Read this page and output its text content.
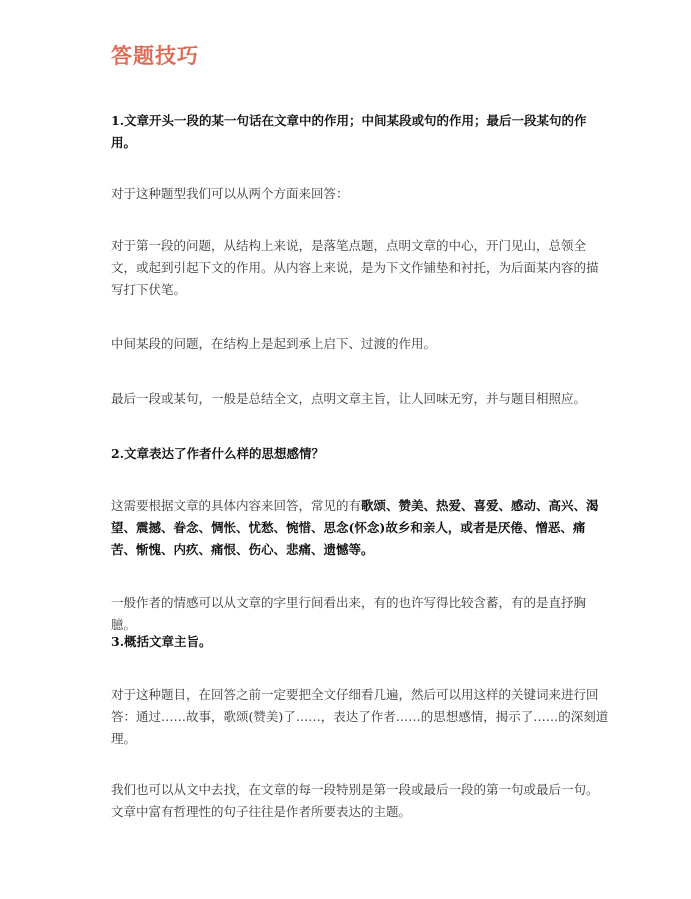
答题技巧

1.文章开头一段的某一句话在文章中的作用；中间某段或句的作用；最后一段某句的作用。

对于这种题型我们可以从两个方面来回答：

对于第一段的问题，从结构上来说，是落笔点题，点明文章的中心，开门见山，总领全文，或起到引起下文的作用。从内容上来说，是为下文作铺垫和衬托，为后面某内容的描写打下伏笔。

中间某段的问题，在结构上是起到承上启下、过渡的作用。

最后一段或某句，一般是总结全文，点明文章主旨，让人回味无穷，并与题目相照应。

2.文章表达了作者什么样的思想感情？

这需要根据文章的具体内容来回答，常见的有歌颂、赞美、热爱、喜爱、感动、高兴、渴望、震撼、眷念、惆怅、忧愁、惋惜、思念(怀念)故乡和亲人，或者是厌倦、憎恶、痛苦、惭愧、内疚、痛恨、伤心、悲痛、遗憾等。

一般作者的情感可以从文章的字里行间看出来，有的也许写得比较含蓄，有的是直抒胸臆。

3.概括文章主旨。

对于这种题目，在回答之前一定要把全文仔细看几遍，然后可以用这样的关键词来进行回答：通过……故事，歌颂(赞美)了……，表达了作者……的思想感情，揭示了……的深刻道理。

我们也可以从文中去找，在文章的每一段特别是第一段或最后一段的第一句或最后一句。文章中富有哲理性的句子往往是作者所要表达的主题。
